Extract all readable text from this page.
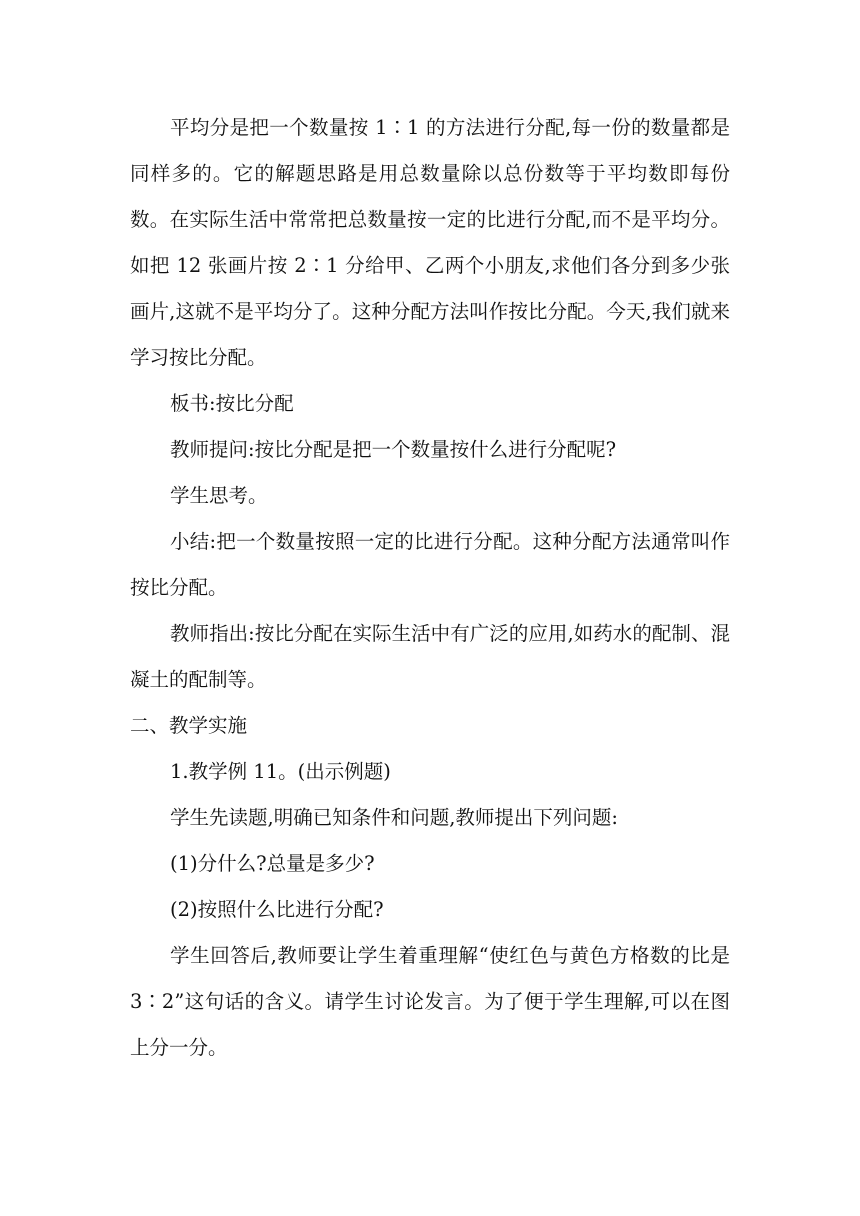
平均分是把一个数量按 1∶1 的方法进行分配,每一份的数量都是同样多的。它的解题思路是用总数量除以总份数等于平均数即每份数。在实际生活中常常把总数量按一定的比进行分配,而不是平均分。如把 12 张画片按 2∶1 分给甲、乙两个小朋友,求他们各分到多少张画片,这就不是平均分了。这种分配方法叫作按比分配。今天,我们就来学习按比分配。

板书:按比分配

教师提问:按比分配是把一个数量按什么进行分配呢?

学生思考。

小结:把一个数量按照一定的比进行分配。这种分配方法通常叫作按比分配。

教师指出:按比分配在实际生活中有广泛的应用,如药水的配制、混凝土的配制等。

二、教学实施

1.教学例 11。(出示例题)

学生先读题,明确已知条件和问题,教师提出下列问题:

(1)分什么?总量是多少?

(2)按照什么比进行分配?

学生回答后,教师要让学生着重理解“使红色与黄色方格数的比是 3∶2”这句话的含义。请学生讨论发言。为了便于学生理解,可以在图上分一分。
